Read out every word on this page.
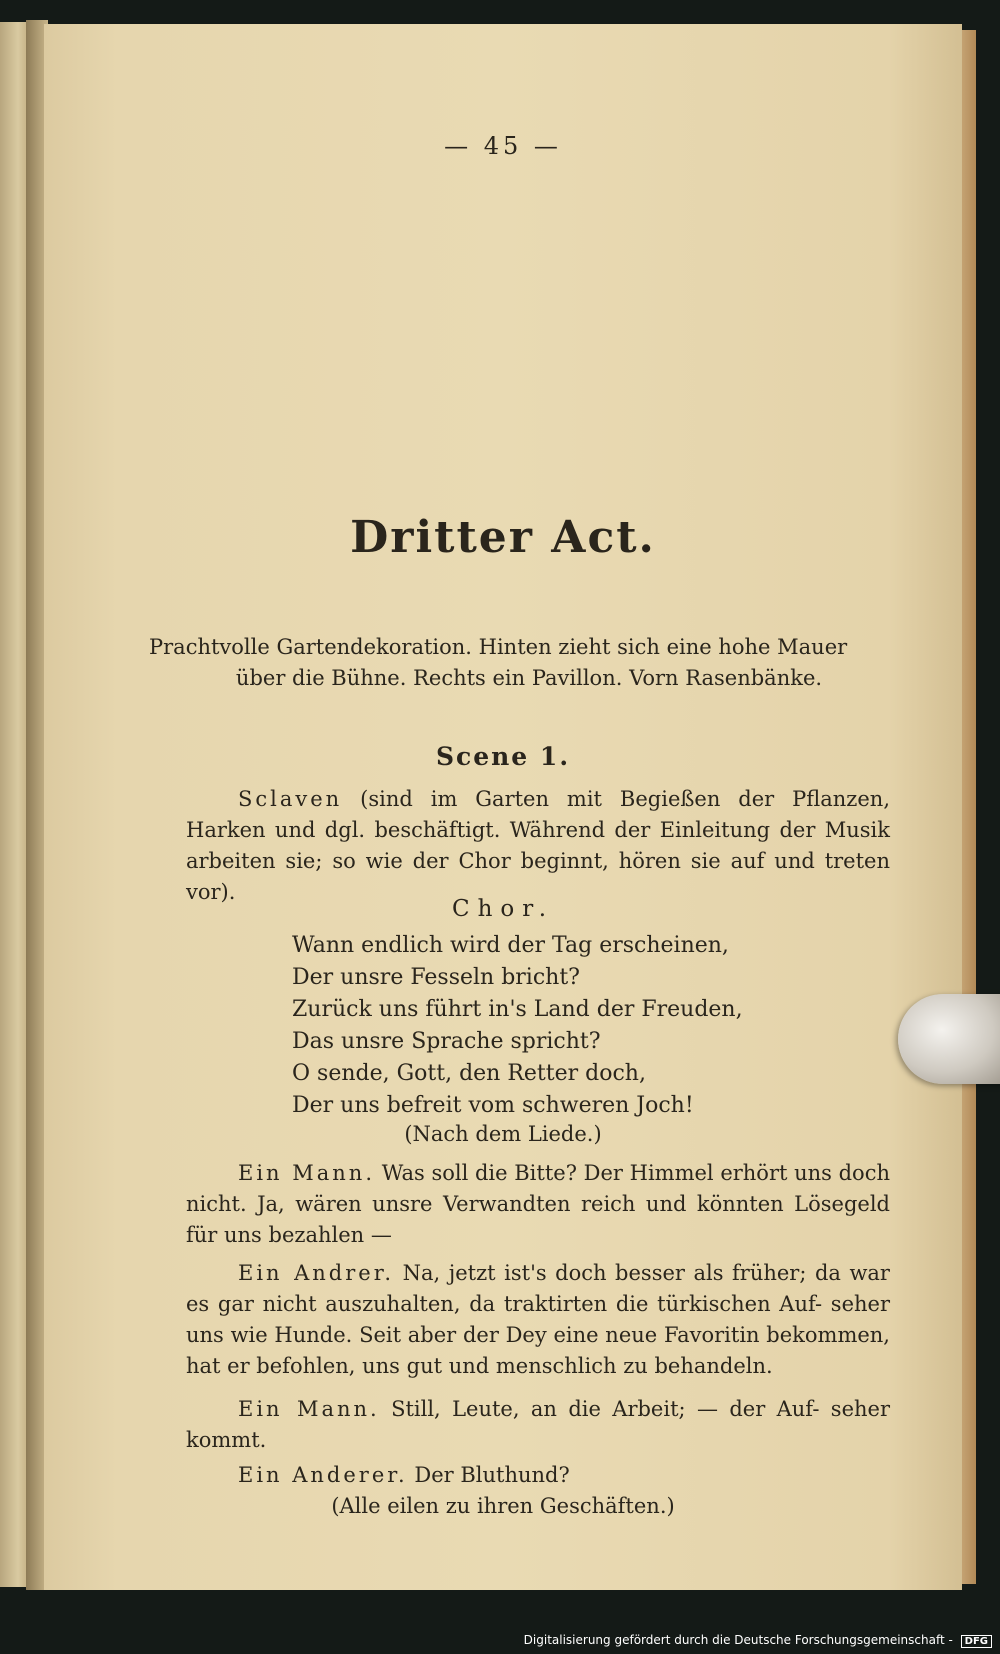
— 45 —
Dritter Act.
Prachtvolle Gartendekoration. Hinten zieht sich eine hohe Mauer
über die Bühne. Rechts ein Pavillon. Vorn Rasenbänke.
Scene 1.
Sclaven (sind im Garten mit Begießen der Pflanzen, Harken und dgl. beschäftigt. Während der Einleitung der Musik arbeiten sie; so wie der Chor beginnt, hören sie auf und treten vor).
Chor.
Wann endlich wird der Tag erscheinen,
Der unsre Fesseln bricht?
Zurück uns führt in's Land der Freuden,
Das unsre Sprache spricht?
O sende, Gott, den Retter doch,
Der uns befreit vom schweren Joch!
(Nach dem Liede.)
Ein Mann. Was soll die Bitte? Der Himmel erhört uns doch nicht. Ja, wären unsre Verwandten reich und könnten Lösegeld für uns bezahlen —
Ein Andrer. Na, jetzt ist's doch besser als früher; da war es gar nicht auszuhalten, da traktirten die türkischen Auf- seher uns wie Hunde. Seit aber der Dey eine neue Favoritin bekommen, hat er befohlen, uns gut und menschlich zu behandeln.
Ein Mann. Still, Leute, an die Arbeit; — der Auf- seher kommt.
Ein Anderer. Der Bluthund?
(Alle eilen zu ihren Geschäften.)
Digitalisierung gefördert durch die Deutsche Forschungsgemeinschaft - DFG
